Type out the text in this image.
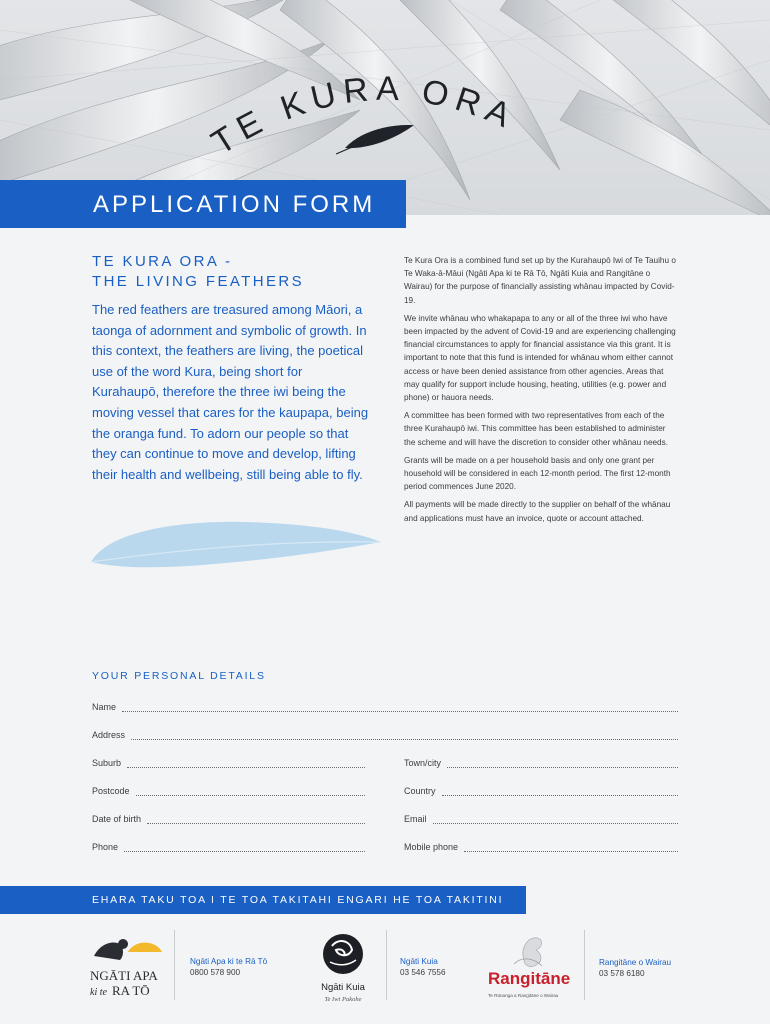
TE KURA ORA
APPLICATION FORM
TE KURA ORA -
THE LIVING FEATHERS
The red feathers are treasured among Māori, a taonga of adornment and symbolic of growth. In this context, the feathers are living, the poetical use of the word Kura, being short for Kurahaupō, therefore the three iwi being the moving vessel that cares for the kaupapa, being the oranga fund. To adorn our people so that they can continue to move and develop, lifting their health and wellbeing, still being able to fly.

Te Kura Ora is a combined fund set up by the Kurahaupō Iwi of Te Tauihu o Te Waka-ā-Māui (Ngāti Apa ki te Rā Tō, Ngāti Kuia and Rangitāne o Wairau) for the purpose of financially assisting whānau impacted by Covid-19.

We invite whānau who whakapapa to any or all of the three iwi who have been impacted by the advent of Covid-19 and are experiencing challenging financial circumstances to apply for financial assistance via this grant. It is important to note that this fund is intended for whānau whom either cannot access or have been denied assistance from other agencies. Areas that may qualify for support include housing, heating, utilities (e.g. power and phone) or hauora needs.

A committee has been formed with two representatives from each of the three Kurahaupō iwi. This committee has been established to administer the scheme and will have the discretion to consider other whānau needs.

Grants will be made on a per household basis and only one grant per household will be considered in each 12-month period. The first 12-month period commences June 2020.

All payments will be made directly to the supplier on behalf of the whānau and applications must have an invoice, quote or account attached.

YOUR PERSONAL DETAILS
Name
Address
Suburb	Town/city
Postcode	Country
Date of birth	Email
Phone	Mobile phone
EHARA TAKU TOA I TE TOA TAKITAHI ENGARI HE TOA TAKITINI
NGĀTI APA
ki te RA TŌ
Ngāti Apa ki te Rā Tō
0800 578 900
Ngāti Kuia
Te Iwi Pakohe
Ngāti Kuia
03 546 7556 Rangitāne
Te Rūnanga a Rangitāne o Wairau
Rangitāne o Wairau
03 578 6180
